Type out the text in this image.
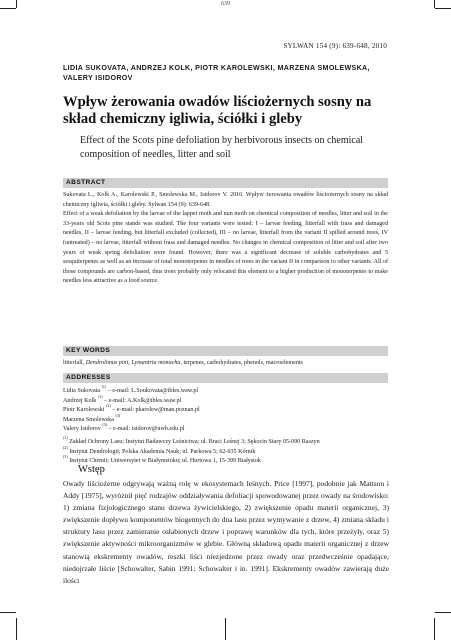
639
SYLWAN 154 (9): 639-648, 2010
LIDIA SUKOVATA, ANDRZEJ KOLK, PIOTR KAROLEWSKI, MARZENA SMOLEWSKA, VALERY ISIDOROV
Wpływ żerowania owadów liściożernych sosny na skład chemiczny igliwia, ściółki i gleby
Effect of the Scots pine defoliation by herbivorous insects on chemical composition of needles, litter and soil
ABSTRACT

Sukovata L., Kolk A., Karolewski P., Smolewska M., Isidorov V. 2010. Wpływ żerowania owadów liściożernych sosny na skład chemiczny igliwia, ściółki i gleby. Sylwan 154 (9): 639-648.

Effect of a weak defoliation by the larvae of the lappet moth and nun moth on chemical composition of needles, litter and soil in the 33-years old Scots pine stands was studied. The four variants were tested: I – larvae feeding, litterfall with frass and damaged needles, II – larvae feeding, but litterfall excluded (collected), III – no larvae, litterfall from the variant II spilled around trees, IV (untreated) – no larvae, litterfall without frass and damaged needles. No changes in chemical composition of litter and soil after two years of weak spring defoliation were found. However, there was a significant decrease of soluble carbohydrates and 5 sesquiterpenes as well as an increase of total monoterpenes in needles of trees in the variant II in comparison to other variants. All of those compounds are carbon-based, thus trees probably only relocated this element to a higher production of monoterpenes to make needles less attractive as a food source.

KEY WORDS

litterfall, Dendrolimus pini, Lymantria monacha, terpenes, carbohydrates, phenols, macroelements

ADDRESSES

Lidia Sukovata $^{(1)}$ – e-mail: L.Soukovata@ibles.waw.pl

Andrzej Kolk $^{(1)}$ – e-mail: A.Kolk@ibles.waw.pl

Piotr Karolewski $^{(2)}$ – e-mail: pkarolew@man.poznan.pl

Marzena Smolewska $^{(3)}$

Valery Isidorov $^{(3)}$ – e-mail: isidorov@uwb.edu.pl

$^{(1)}$ Zakład Ochrony Lasu; Instytut Badawczy Leśnictwa; ul. Braci Leśnej 3; Sękocin Stary 05-090 Raszyn

$^{(2)}$ Instytut Dendrologii; Polska Akademia Nauk; ul. Parkowa 5; 62-035 Kórnik

$^{(3)}$ Instytut Chemii; Uniwersytet w Białymstoku; ul. Hurtowa 1, 15-399 Białystok

Wstęp
Owady liściożerne odgrywają ważną rolę w ekosystemach leśnych. Price [1997], podobnie jak Mattson i Addy [1975], wyróżnił pięć rodzajów oddziaływania defoliacji spowodowanej przez owady na środowisko: 1) zmiana fizjologicznego stanu drzewa żywicielskiego, 2) zwiększenie opadu materii organicznej, 3) zwiększenie dopływu komponentów biogennych do dna lasu przez wymywanie z drzew, 4) zmiana składu i struktury lasu przez zamieranie osłabionych drzew i poprawę warunków dla tych, które przeżyły, oraz 5) zwiększenie aktywności mikroorganizmów w glebie. Główną składową opadu materii organicznej z drzew stanowią ekskrementy owadów, reszki liści niezjedzone przez owady oraz przedwcześnie opadające, niedojrzałe liście [Schowalter, Sabin 1991; Schowalter i in. 1991]. Ekskrementy owadów zawierają duże ilości
